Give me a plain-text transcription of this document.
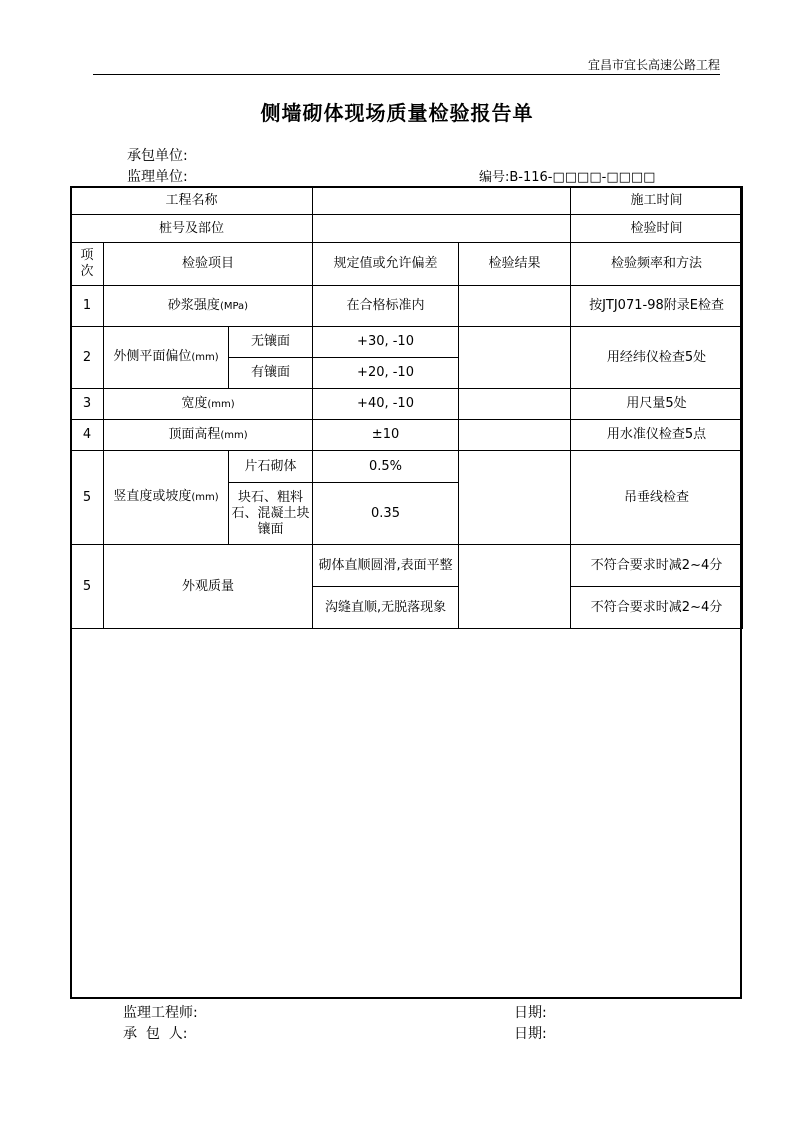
宜昌市宜长高速公路工程
侧墙砌体现场质量检验报告单
承包单位:
监理单位:	编号:B-116-□□□□-□□□□
工程名称					施工时间
桩号及部位					检验时间
项
次	检验项目		规定值或允许偏差	检验结果	检验频率和方法
1	砂浆强度(MPa)		在合格标准内		按JTJ071-98附录E检查
2	外侧平面偏位(mm)	无镶面	+30, -10		用经纬仪检查5处
		有镶面	+20, -10		
3	宽度(mm)		+40, -10		用尺量5处
4	顶面高程(mm)		±10		用水准仪检查5点
5	竖直度或坡度(mm)	片石砌体	0.5%		吊垂线检查
		块石、粗料石、混凝土块镶面	0.35		
5	外观质量		砌体直顺圆滑,表面平整		不符合要求时减2~4分
			沟缝直顺,无脱落现象		不符合要求时减2~4分
监理工程师:
承  包  人:
日期:
日期:
